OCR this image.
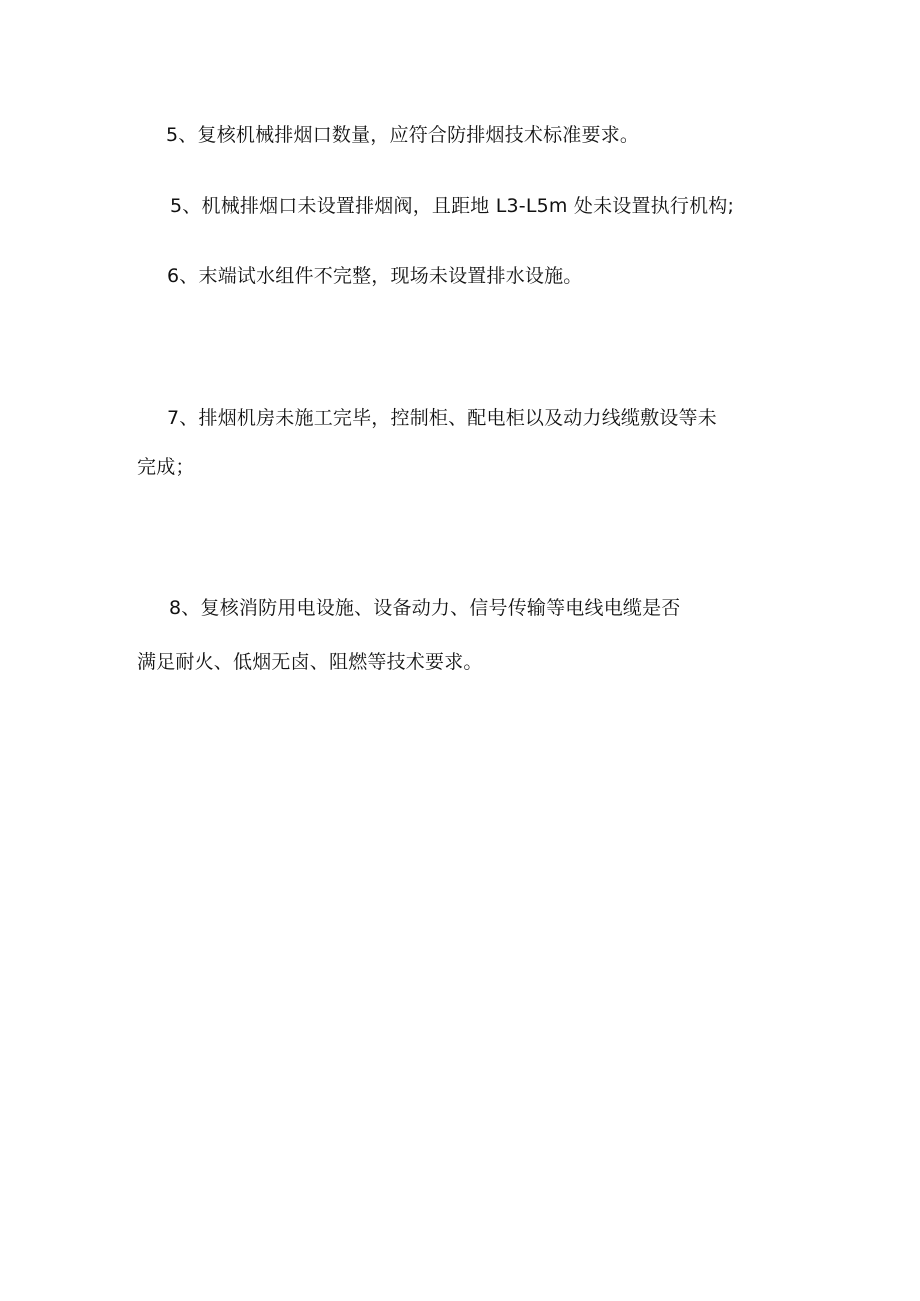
5、复核机械排烟口数量，应符合防排烟技术标准要求。
5、机械排烟口未设置排烟阀，且距地 L3-L5m 处未设置执行机构;
6、末端试水组件不完整，现场未设置排水设施。
7、排烟机房未施工完毕，控制柜、配电柜以及动力线缆敷设等未
完成；
8、复核消防用电设施、设备动力、信号传输等电线电缆是否
满足耐火、低烟无卤、阻燃等技术要求。
